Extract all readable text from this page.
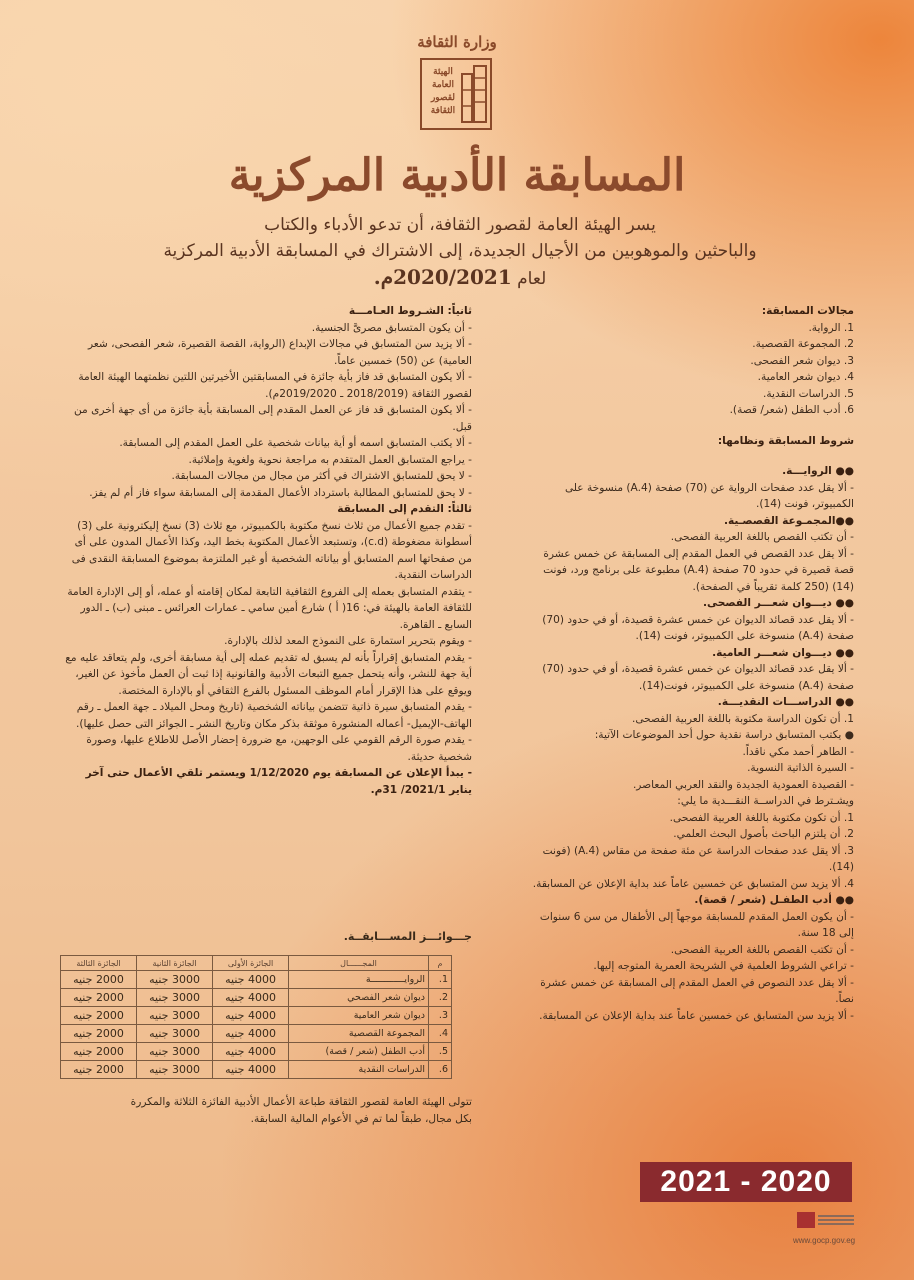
وزارة الثقافة
الهيئة العامة لقصور الثقافة
المسابقة الأدبية المركزية
يسر الهيئة العامة لقصور الثقافة، أن تدعو الأدباء والكتاب
والباحثين والموهوبين من الأجيال الجديدة، إلى الاشتراك في المسابقة الأدبية المركزية
لعام 2020/2021م.

مجالات المسابقة:

1. الرواية.

2. المجموعة القصصية.

3. ديوان شعر الفصحى.

4. ديوان شعر العامية.

5. الدراسات النقدية.

6. أدب الطفل (شعر/ قصة).

شروط المسابقة ونظامها:

●● الروايـــة.

- ألا يقل عدد صفحات الرواية عن (70) صفحة (A.4) منسوخة على الكمبيوتر، فونت (14).

●●المجمـوعة القصصـية.

- أن تكتب القصص باللغة العربية الفصحى.

- ألا يقل عدد القصص في العمل المقدم إلى المسابقة عن خمس عشرة قصة قصيرة في حدود 70 صفحة (A.4) مطبوعة على برنامج ورد، فونت (14) (250 كلمة تقريباً في الصفحة).

●● ديـــوان شعـــر الفصحى.

- ألا يقل عدد قصائد الديوان عن خمس عشرة قصيدة، أو في حدود (70) صفحة (A.4) منسوخة على الكمبيوتر، فونت (14).

●● ديـــوان شعـــر العامية.

- ألا يقل عدد قصائد الديوان عن خمس عشرة قصيدة، أو في حدود (70) صفحة (A.4) منسوخة على الكمبيوتر، فونت(14).

●● الدراســـات النقديـــة.

1. أن تكون الدراسة مكتوبة باللغة العربية الفصحى.

● يكتب المتسابق دراسة نقدية حول أحد الموضوعات الآتية:

- الطاهر أحمد مكي ناقداً.

- السيرة الذاتية النسوية.

- القصيدة العمودية الجديدة والنقد العربي المعاصر.

ويشـترط في الدراســة النقـــدية ما يلي:

1. أن تكون مكتوبة باللغة العربية الفصحى.

2. أن يلتزم الباحث بأصول البحث العلمي.

3. ألا يقل عدد صفحات الدراسة عن مئة صفحة من مقاس (A.4) (فونت (14).

4. ألا يزيد سن المتسابق عن خمسين عاماً عند بداية الإعلان عن المسابقة.

●● أدب الطفـل (شعر / قصة).

- أن يكون العمل المقدم للمسابقة موجهاً إلى الأطفال من سن 6 سنوات إلى 18 سنة.

- أن تكتب القصص باللغة العربية الفصحى.

- تراعي الشروط العلمية في الشريحة العمرية المتوجه إليها.

- ألا يقل عدد النصوص في العمل المقدم إلى المسابقة عن خمس عشرة نصاً.

- ألا يزيد سن المتسابق عن خمسين عاماً عند بداية الإعلان عن المسابقة.

ثانياً: الشـروط العـامـــة

- أن يكون المتسابق مصرىَّ الجنسية.

- ألا يزيد سن المتسابق في مجالات الإبداع (الرواية، القصة القصيرة، شعر الفصحى، شعر العامية) عن (50) خمسين عاماً.

- ألا يكون المتسابق قد فاز بأية جائزة في المسابقتين الأخيرتين اللتين نظمتهما الهيئة العامة لقصور الثقافة (2018/2019 ـ 2019/2020م).

- ألا يكون المتسابق قد فاز عن العمل المقدم إلى المسابقة بأية جائزة من أى جهة أخرى من قبل.

- ألا يكتب المتسابق اسمه أو أية بيانات شخصية على العمل المقدم إلى المسابقة.

- يراجع المتسابق العمل المتقدم به مراجعة نحوية ولغوية وإملائية.

- لا يحق للمتسابق الاشتراك في أكثر من مجال من مجالات المسابقة.

- لا يحق للمتسابق المطالبة باسترداد الأعمال المقدمة إلى المسابقة سواء فاز أم لم يفز.

ثالثاً: التقدم إلى المسابقة

- تقدم جميع الأعمال من ثلاث نسخ مكتوبة بالكمبيوتر، مع ثلاث (3) نسخ إليكترونية على (3) أسطوانة مضغوطة (c.d)، وتستبعد الأعمال المكتوبة بخط اليد، وكذا الأعمال المدون على أى من صفحاتها اسم المتسابق أو بياناته الشخصية أو غير الملتزمة بموضوع المسابقة النقدى فى الدراسات النقدية.

- يتقدم المتسابق بعمله إلى الفروع الثقافية التابعة لمكان إقامته أو عمله، أو إلى الإدارة العامة للثقافة العامة بالهيئة في: 16( أ ) شارع أمين سامي ـ عمارات العرائس ـ مبنى (ب) ـ الدور السابع ـ القاهرة.

- ويقوم بتحرير استمارة على النموذج المعد لذلك بالإدارة.

- يقدم المتسابق إقراراً بأنه لم يسبق له تقديم عمله إلى أية مسابقة أخرى، ولم يتعاقد عليه مع أية جهة للنشر، وأنه يتحمل جميع التبعات الأدبية والقانونية إذا ثبت أن العمل مأخوذ عن الغير، ويوقع على هذا الإقرار أمام الموظف المسئول بالفرع الثقافي أو بالإدارة المختصة.

- يقدم المتسابق سيرة ذاتية تتضمن بياناته الشخصية (تاريخ ومحل الميلاد ـ جهة العمل ـ رقم الهاتف-الإيميل- أعماله المنشورة موثقة بذكر مكان وتاريخ النشر ـ الجوائز التى حصل عليها).

- يقدم صورة الرقم القومي على الوجهين، مع ضرورة إحضار الأصل للاطلاع عليها، وصورة شخصية حديثة.

- يبدأ الإعلان عن المسابقة يوم 1/12/2020 ويستمر تلقي الأعمال حتى آخر يناير 2021/1/ 31م.

جـــوائـــز المســـابقــة.
م	المجــــــال	الجائزة الأولى	الجائزة الثانية	الجائزة الثالثة
1.	الروايــــــــــــة	4000 جنيه	3000 جنيه	2000 جنيه
2.	ديوان شعر الفصحي	4000 جنيه	3000 جنيه	2000 جنيه
3.	ديوان شعر العامية	4000 جنيه	3000 جنيه	2000 جنيه
4.	المجموعة القصصية	4000 جنيه	3000 جنيه	2000 جنيه
5.	أدب الطفل (شعر / قصة)	4000 جنيه	3000 جنيه	2000 جنيه
6.	الدراسات النقدية	4000 جنيه	3000 جنيه	2000 جنيه
تتولى الهيئة العامة لقصور الثقافة طباعة الأعمال الأدبية الفائزة الثلاثة والمكررة
بكل مجال، طبقاً لما تم في الأعوام المالية السابقة.
2021 - 2020
www.gocp.gov.eg
